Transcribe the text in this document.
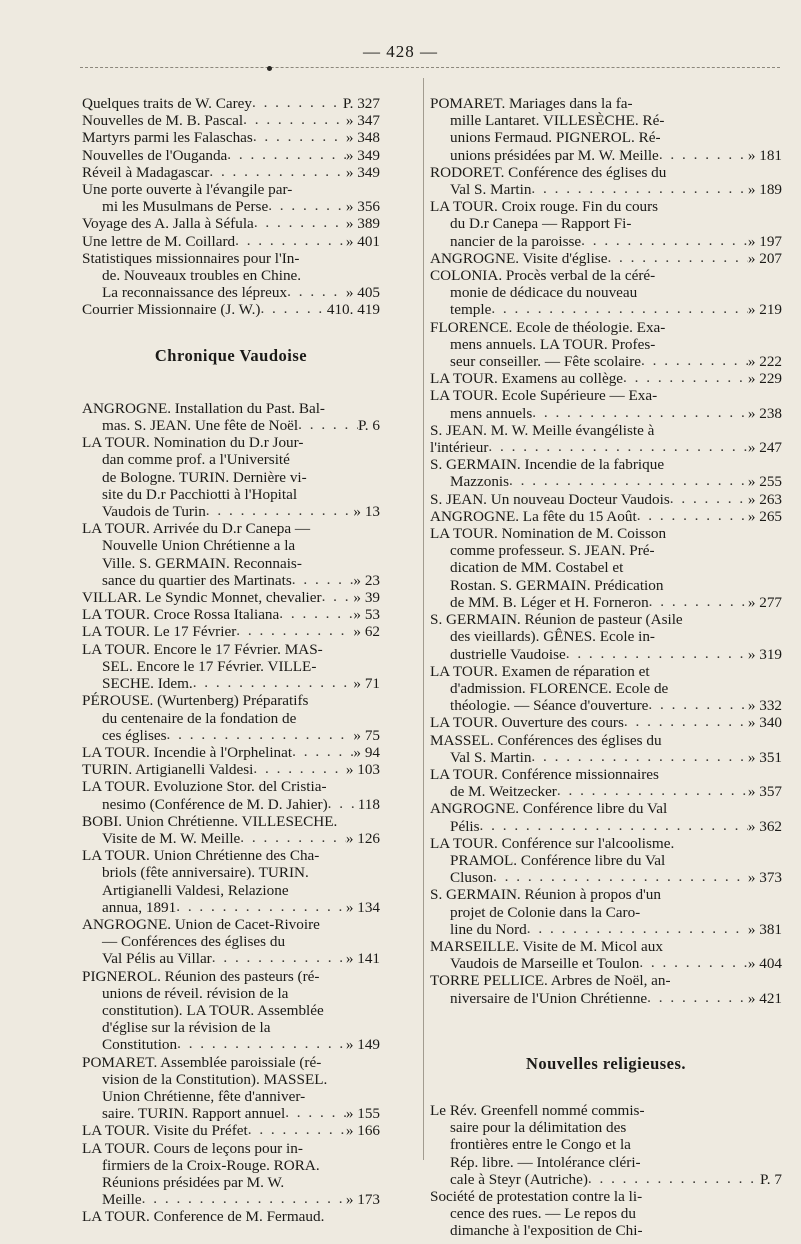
— 428 —
Quelques traits de W. Carey . .	P. 327
Nouvelles de M. B. Pascal . .	» 347
Martyrs parmi les Falaschas . .	» 348
Nouvelles de l'Ouganda . .	» 349
Réveil à Madagascar . .	» 349
Une porte ouverte à l'évangile par-
mi les Musulmans de Perse . .	» 356
Voyage des A. Jalla à Séfula . .	» 389
Une lettre de M. Coillard . .	» 401
Statistiques missionnaires pour l'In-
de. Nouveaux troubles en Chine.
La reconnaissance des lépreux . .	» 405
Courrier Missionnaire (J. W.) . .	410. 419
Chronique Vaudoise
ANGROGNE. Installation du Past. Bal-
mas. S. JEAN. Une fête de Noël . .	P. 6
LA TOUR. Nomination du D.r Jour-
dan comme prof. a l'Université
de Bologne. TURIN. Dernière vi-
site du D.r Pacchiotti à l'Hopital
Vaudois de Turin . .	» 13
LA TOUR. Arrivée du D.r Canepa —
Nouvelle Union Chrétienne a la
Ville. S. GERMAIN. Reconnais-
sance du quartier des Martinats . .	» 23
VILLAR. Le Syndic Monnet, chevalier . . » 39
LA TOUR. Croce Rossa Italiana . .	» 53
LA TOUR. Le 17 Février . .	» 62
LA TOUR. Encore le 17 Février. MAS-
SEL. Encore le 17 Février. VILLE-
SECHE. Idem. . .	» 71
PÉROUSE. (Wurtenberg) Préparatifs
du centenaire de la fondation de
ces églises . .	» 75
LA TOUR. Incendie à l'Orphelinat . .	» 94
TURIN. Artigianelli Valdesi . .	» 103
LA TOUR. Evoluzione Stor. del Cristia-
nesimo (Conférence de M. D. Jahier) . . 118
BOBI. Union Chrétienne. VILLESECHE.
Visite de M. W. Meille . .	» 126
LA TOUR. Union Chrétienne des Cha-
briols (fête anniversaire). TURIN.
Artigianelli Valdesi, Relazione
annua, 1891 . .	» 134
ANGROGNE. Union de Cacet-Rivoire
— Conférences des églises du
Val Pélis au Villar . .	» 141
PIGNEROL. Réunion des pasteurs (ré-
unions de réveil. révision de la
constitution). LA TOUR. Assemblée
d'église sur la révision de la
Constitution . .	» 149
POMARET. Assemblée paroissiale (ré-
vision de la Constitution). MASSEL.
Union Chrétienne, fête d'anniver-
saire. TURIN. Rapport annuel . .	» 155
LA TOUR. Visite du Préfet . .	» 166
LA TOUR. Cours de leçons pour in-
firmiers de la Croix-Rouge. RORA.
Réunions présidées par M. W.
Meille . .	» 173
LA TOUR. Conference de M. Fermaud.
POMARET. Mariages dans la fa-
mille Lantaret. VILLESÈCHE. Ré-
unions Fermaud. PIGNEROL. Ré-
unions présidées par M. W. Meille . .	» 181
RODORET. Conférence des églises du
Val S. Martin . .	» 189
LA TOUR. Croix rouge. Fin du cours
du D.r Canepa — Rapport Fi-
nancier de la paroisse . .	» 197
ANGROGNE. Visite d'église . .	» 207
COLONIA. Procès verbal de la céré-
monie de dédicace du nouveau
temple . .	» 219
FLORENCE. Ecole de théologie. Exa-
mens annuels. LA TOUR. Profes-
seur conseiller. — Fête scolaire . .	» 222
LA TOUR. Examens au collège . .	» 229
LA TOUR. Ecole Supérieure — Exa-
mens annuels . .	» 238
S. JEAN. M. W. Meille évangéliste à
l'intérieur . .	» 247
S. GERMAIN. Incendie de la fabrique
Mazzonis . .	» 255
S. JEAN. Un nouveau Docteur Vaudois . .	» 263
ANGROGNE. La fête du 15 Août . .	» 265
LA TOUR. Nomination de M. Coisson
comme professeur. S. JEAN. Pré-
dication de MM. Costabel et
Rostan. S. GERMAIN. Prédication
de MM. B. Léger et H. Forneron . .	» 277
S. GERMAIN. Réunion de pasteur (Asile
des vieillards). GÊNES. Ecole in-
dustrielle Vaudoise . .	» 319
LA TOUR. Examen de réparation et
d'admission. FLORENCE. Ecole de
théologie. — Séance d'ouverture . .	» 332
LA TOUR. Ouverture des cours . .	» 340
MASSEL. Conférences des églises du
Val S. Martin . .	» 351
LA TOUR. Conférence missionnaires
de M. Weitzecker . .	» 357
ANGROGNE. Conférence libre du Val
Pélis . .	» 362
LA TOUR. Conférence sur l'alcoolisme.
PRAMOL. Conférence libre du Val
Cluson . .	» 373
S. GERMAIN. Réunion à propos d'un
projet de Colonie dans la Caro-
line du Nord . .	» 381
MARSEILLE. Visite de M. Micol aux
Vaudois de Marseille et Toulon . .	» 404
TORRE PELLICE. Arbres de Noël, an-
niversaire de l'Union Chrétienne . .	» 421
Nouvelles religieuses.
Le Rév. Greenfell nommé commis-
saire pour la délimitation des
frontières entre le Congo et la
Rép. libre. — Intolérance cléri-
cale à Steyr (Autriche) . .	P. 7
Société de protestation contre la li-
cence des rues. — Le repos du
dimanche à l'exposition de Chi-
